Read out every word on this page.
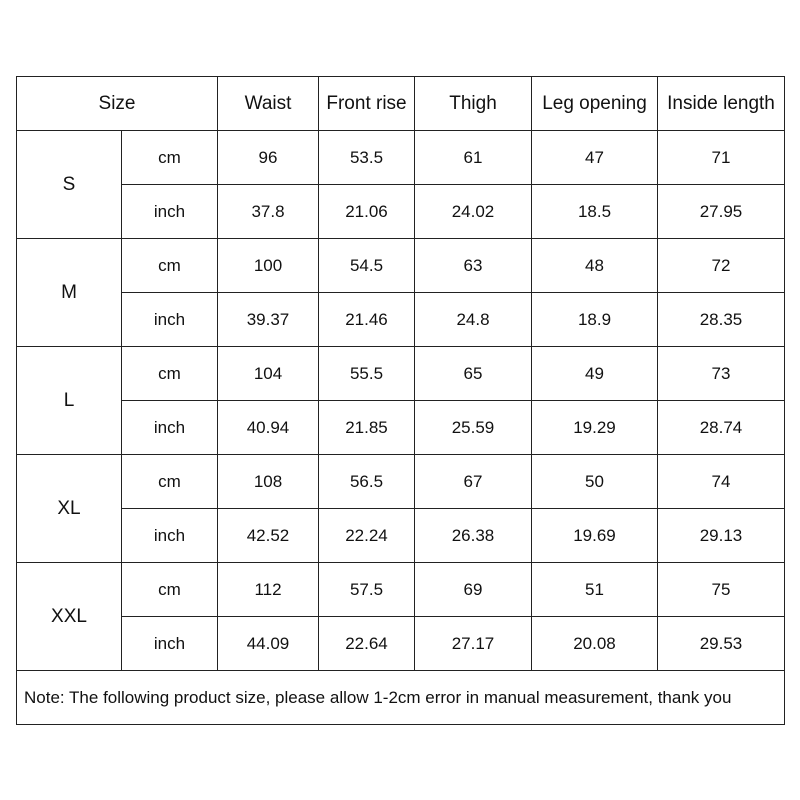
Size		Waist	Front rise	Thigh	Leg opening	Inside length
S	cm	96	53.5	61	47	71
	inch	37.8	21.06	24.02	18.5	27.95
M	cm	100	54.5	63	48	72
	inch	39.37	21.46	24.8	18.9	28.35
L	cm	104	55.5	65	49	73
	inch	40.94	21.85	25.59	19.29	28.74
XL	cm	108	56.5	67	50	74
	inch	42.52	22.24	26.38	19.69	29.13
XXL	cm	112	57.5	69	51	75
	inch	44.09	22.64	27.17	20.08	29.53
Note: The following product size, please allow 1-2cm error in manual measurement, thank you						
